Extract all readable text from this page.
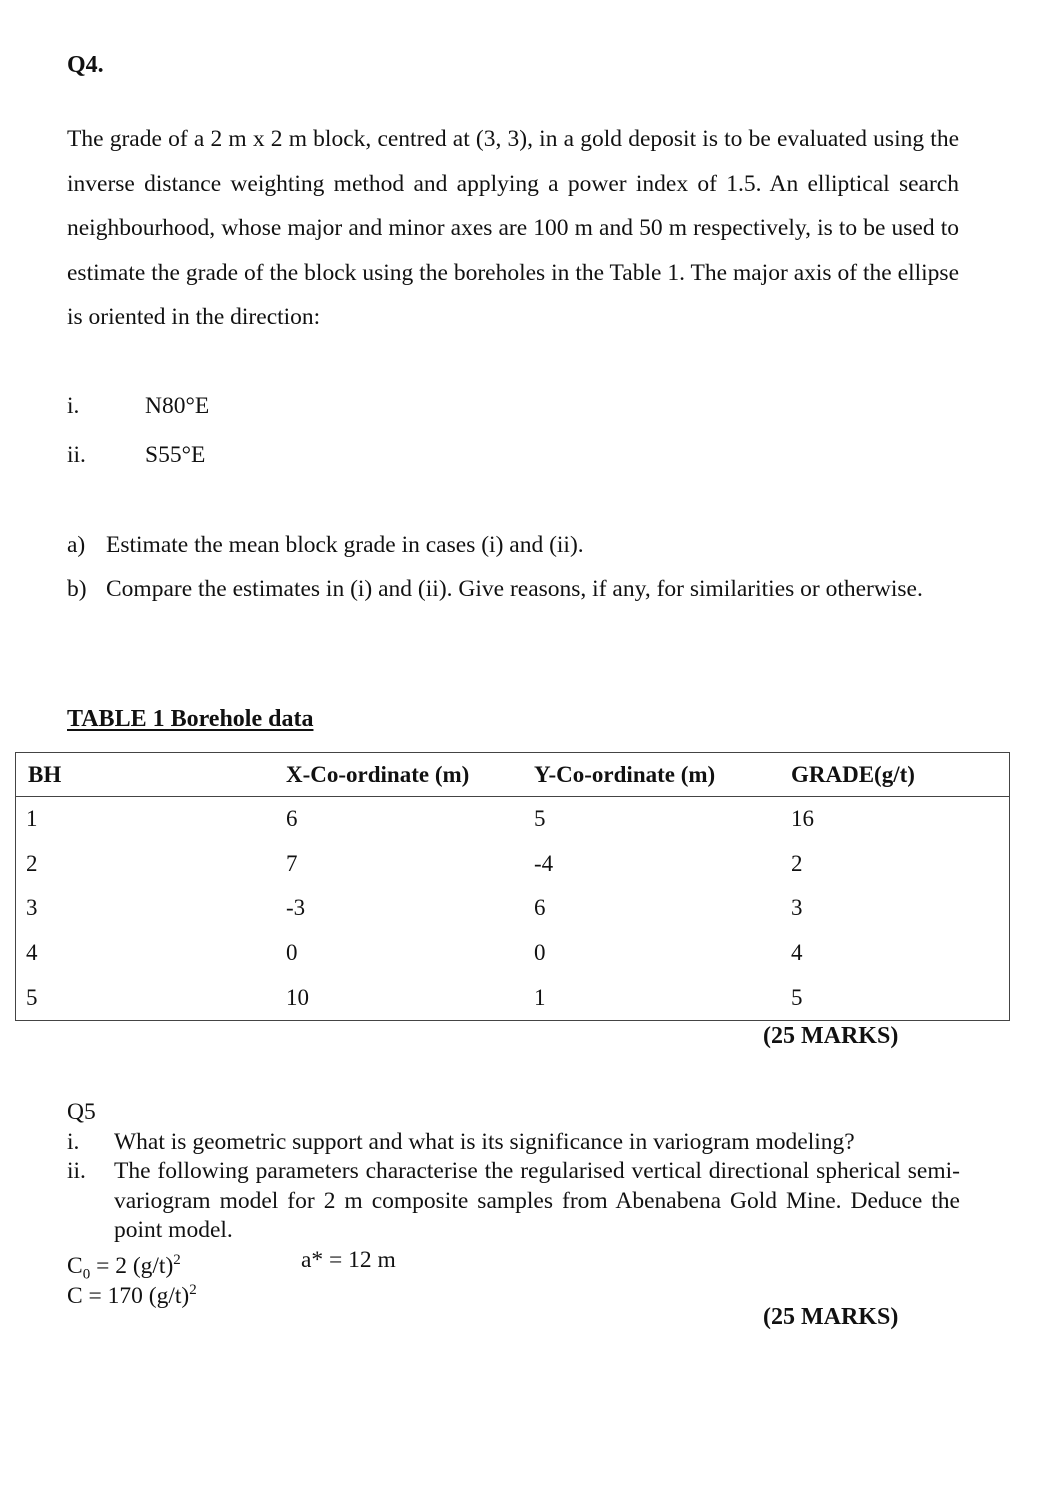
Q4.
The grade of a 2 m x 2 m block, centred at (3, 3), in a gold deposit is to be evaluated using the inverse distance weighting method and applying a power index of 1.5. An elliptical search neighbourhood, whose major and minor axes are 100 m and 50 m respectively, is to be used to estimate the grade of the block using the boreholes in the Table 1. The major axis of the ellipse is oriented in the direction:
i.	N80°E
ii.	S55°E
a) Estimate the mean block grade in cases (i) and (ii).
b) Compare the estimates in (i) and (ii). Give reasons, if any, for similarities or otherwise.
TABLE 1 Borehole data
BH	X-Co-ordinate (m)	Y-Co-ordinate (m)	GRADE(g/t)
1	6	5	16
2	7	-4	2
3	-3	6	3
4	0	0	4
5	10	1	5
(25 MARKS)
Q5
i. What is geometric support and what is its significance in variogram modeling?
ii. The following parameters characterise the regularised vertical directional spherical semi-variogram model for 2 m composite samples from Abenabena Gold Mine. Deduce the point model.
$C_0 = 2$ $(g/t)^2$	a* = 12 m
C = 170 $(g/t)^2$
(25 MARKS)
